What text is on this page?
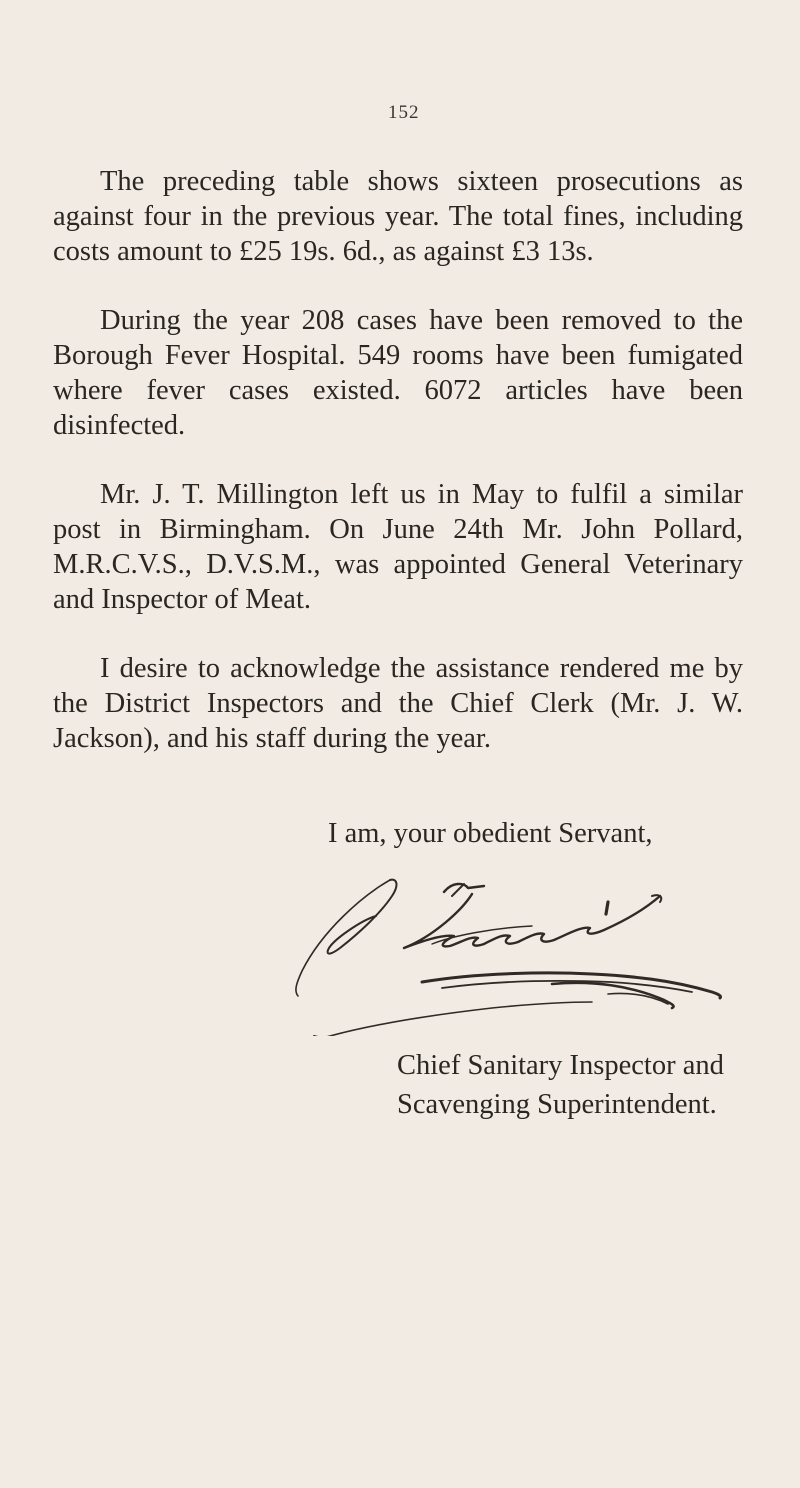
152

The preceding table shows sixteen prosecutions as against four in the previous year. The total fines, including costs amount to £25 19s. 6d., as against £3 13s.

During the year 208 cases have been removed to the Borough Fever Hospital. 549 rooms have been fumigated where fever cases existed. 6072 articles have been disinfected.

Mr. J. T. Millington left us in May to fulfil a similar post in Birmingham. On June 24th Mr. John Pollard, M.R.C.V.S., D.V.S.M., was appointed General Veterinary and Inspector of Meat.

I desire to acknowledge the assistance rendered me by the District Inspectors and the Chief Clerk (Mr. J. W. Jackson), and his staff during the year.

I am, your obedient Servant,
Chief Sanitary Inspector and
Scavenging Superintendent.
